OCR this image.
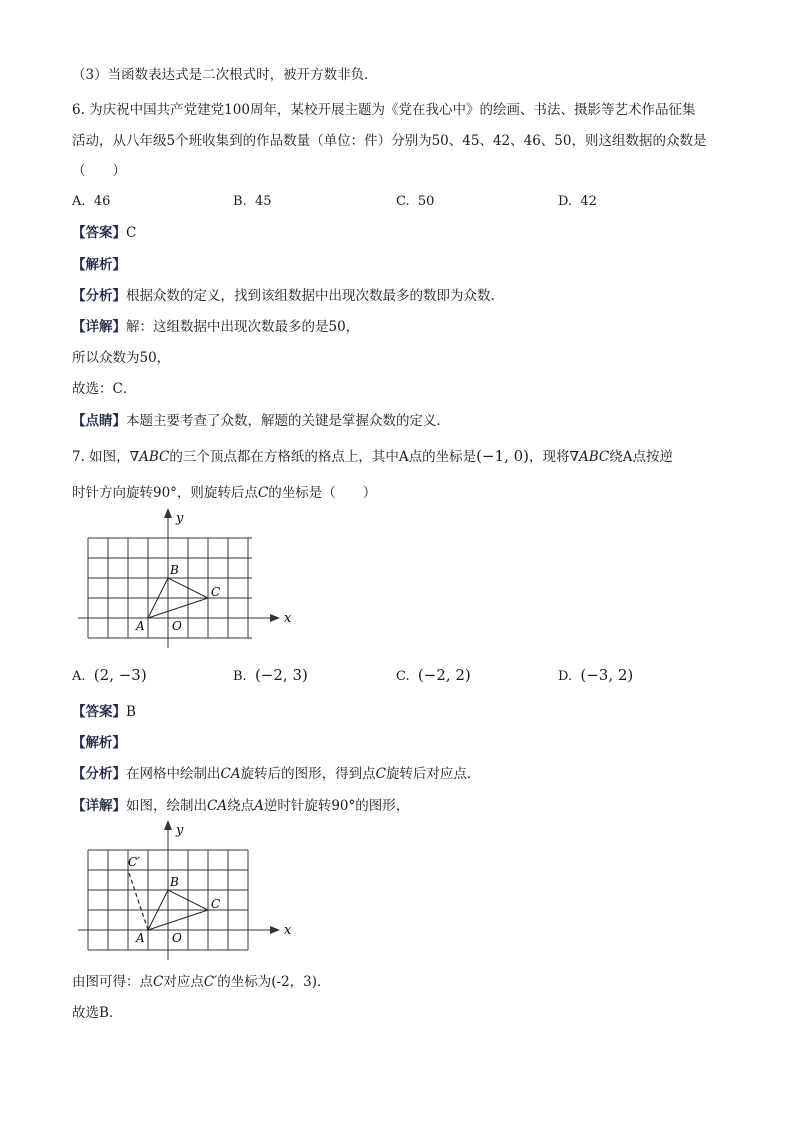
（3）当函数表达式是二次根式时，被开方数非负．
6. 为庆祝中国共产党建党100周年，某校开展主题为《党在我心中》的绘画、书法、摄影等艺术作品征集
活动，从八年级5个班收集到的作品数量（单位：件）分别为50、45、42、46、50，则这组数据的众数是
（　　）
A. 46	B. 45	C. 50	D. 42
【答案】C
【解析】
【分析】根据众数的定义，找到该组数据中出现次数最多的数即为众数．
【详解】解：这组数据中出现次数最多的是50，
所以众数为50，
故选：C．
【点睛】本题主要考查了众数，解题的关键是掌握众数的定义．
7. 如图，∇ABC的三个顶点都在方格纸的格点上，其中A点的坐标是(−1, 0)，现将∇ABC绕A点按逆
时针方向旋转90°，则旋转后点C的坐标是（　　）
y
x
B
C
A O
A. (2, −3)	B. (−2, 3)	C. (−2, 2)	D. (−3, 2)
【答案】B
【解析】
【分析】在网格中绘制出CA旋转后的图形，得到点C旋转后对应点．
【详解】如图，绘制出CA绕点A逆时针旋转90°的图形，
y
x
C′
B
C
A O
由图可得：点C对应点C′的坐标为(-2，3)．
故选B．
